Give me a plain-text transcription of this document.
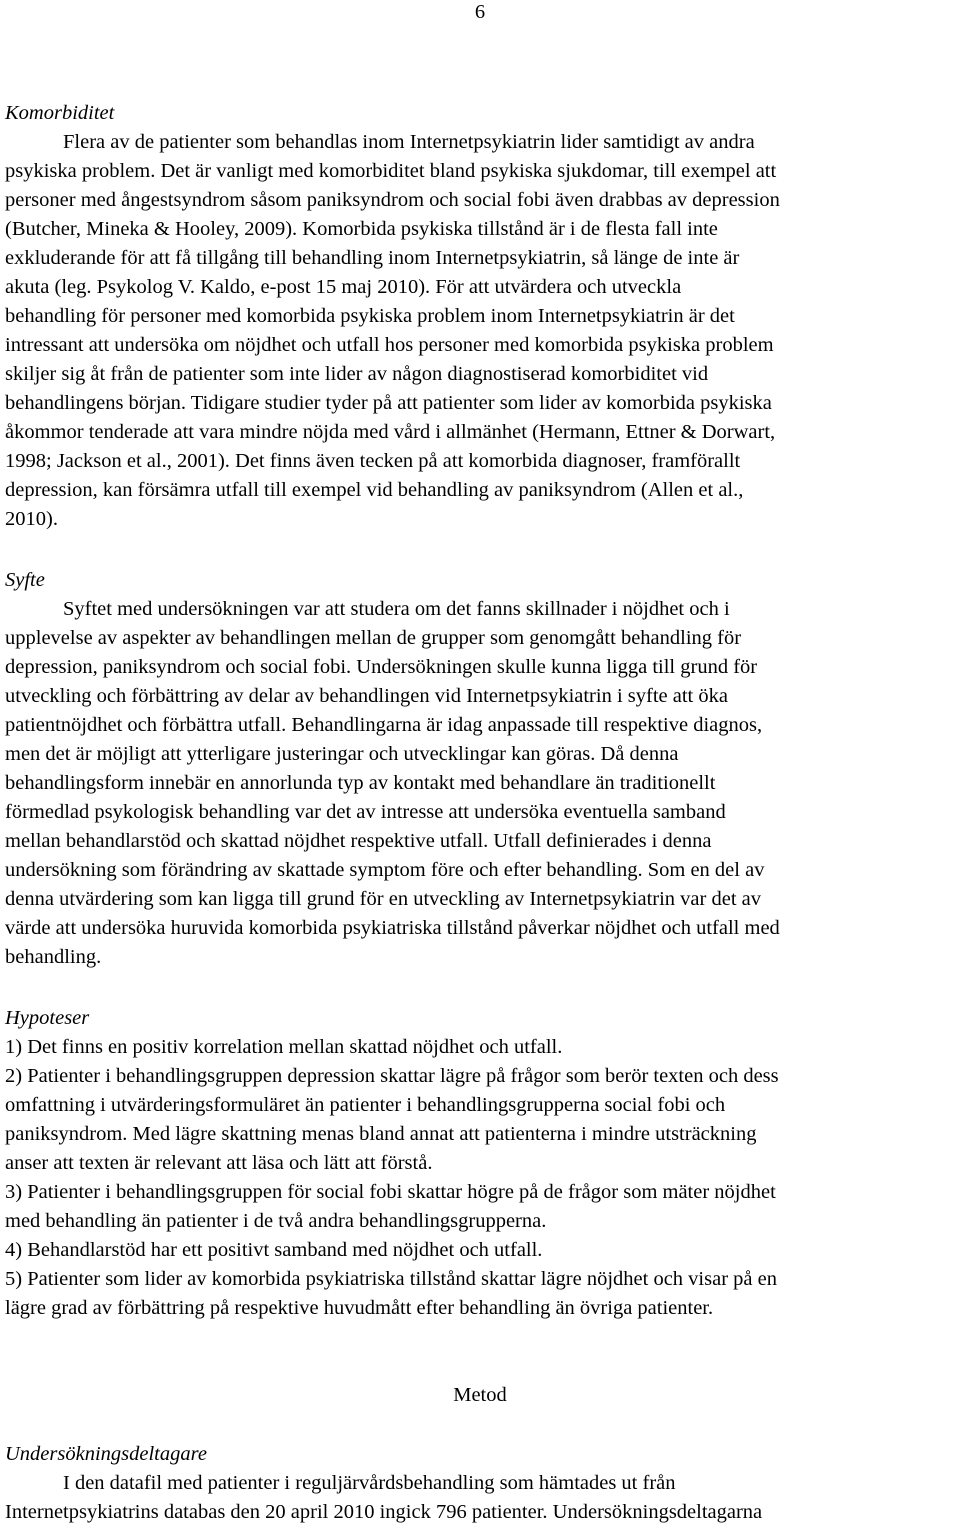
6
Komorbiditet
Flera av de patienter som behandlas inom Internetpsykiatrin lider samtidigt av andra
psykiska problem. Det är vanligt med komorbiditet bland psykiska sjukdomar, till exempel att
personer med ångestsyndrom såsom paniksyndrom och social fobi även drabbas av depression
(Butcher, Mineka & Hooley, 2009). Komorbida psykiska tillstånd är i de flesta fall inte
exkluderande för att få tillgång till behandling inom Internetpsykiatrin, så länge de inte är
akuta (leg. Psykolog V. Kaldo, e-post 15 maj 2010). För att utvärdera och utveckla
behandling för personer med komorbida psykiska problem inom Internetpsykiatrin är det
intressant att undersöka om nöjdhet och utfall hos personer med komorbida psykiska problem
skiljer sig åt från de patienter som inte lider av någon diagnostiserad komorbiditet vid
behandlingens början. Tidigare studier tyder på att patienter som lider av komorbida psykiska
åkommor tenderade att vara mindre nöjda med vård i allmänhet (Hermann, Ettner & Dorwart,
1998; Jackson et al., 2001). Det finns även tecken på att komorbida diagnoser, framförallt
depression, kan försämra utfall till exempel vid behandling av paniksyndrom (Allen et al.,
2010).
Syfte
Syftet med undersökningen var att studera om det fanns skillnader i nöjdhet och i
upplevelse av aspekter av behandlingen mellan de grupper som genomgått behandling för
depression, paniksyndrom och social fobi. Undersökningen skulle kunna ligga till grund för
utveckling och förbättring av delar av behandlingen vid Internetpsykiatrin i syfte att öka
patientnöjdhet och förbättra utfall. Behandlingarna är idag anpassade till respektive diagnos,
men det är möjligt att ytterligare justeringar och utvecklingar kan göras. Då denna
behandlingsform innebär en annorlunda typ av kontakt med behandlare än traditionellt
förmedlad psykologisk behandling var det av intresse att undersöka eventuella samband
mellan behandlarstöd och skattad nöjdhet respektive utfall. Utfall definierades i denna
undersökning som förändring av skattade symptom före och efter behandling. Som en del av
denna utvärdering som kan ligga till grund för en utveckling av Internetpsykiatrin var det av
värde att undersöka huruvida komorbida psykiatriska tillstånd påverkar nöjdhet och utfall med
behandling.
Hypoteser
1) Det finns en positiv korrelation mellan skattad nöjdhet och utfall.
2) Patienter i behandlingsgruppen depression skattar lägre på frågor som berör texten och dess
omfattning i utvärderingsformuläret än patienter i behandlingsgrupperna social fobi och
paniksyndrom. Med lägre skattning menas bland annat att patienterna i mindre utsträckning
anser att texten är relevant att läsa och lätt att förstå.
3) Patienter i behandlingsgruppen för social fobi skattar högre på de frågor som mäter nöjdhet
med behandling än patienter i de två andra behandlingsgrupperna.
4) Behandlarstöd har ett positivt samband med nöjdhet och utfall.
5) Patienter som lider av komorbida psykiatriska tillstånd skattar lägre nöjdhet och visar på en
lägre grad av förbättring på respektive huvudmått efter behandling än övriga patienter.
Metod
Undersökningsdeltagare
I den datafil med patienter i reguljärvårdsbehandling som hämtades ut från
Internetpsykiatrins databas den 20 april 2010 ingick 796 patienter. Undersökningsdeltagarna
